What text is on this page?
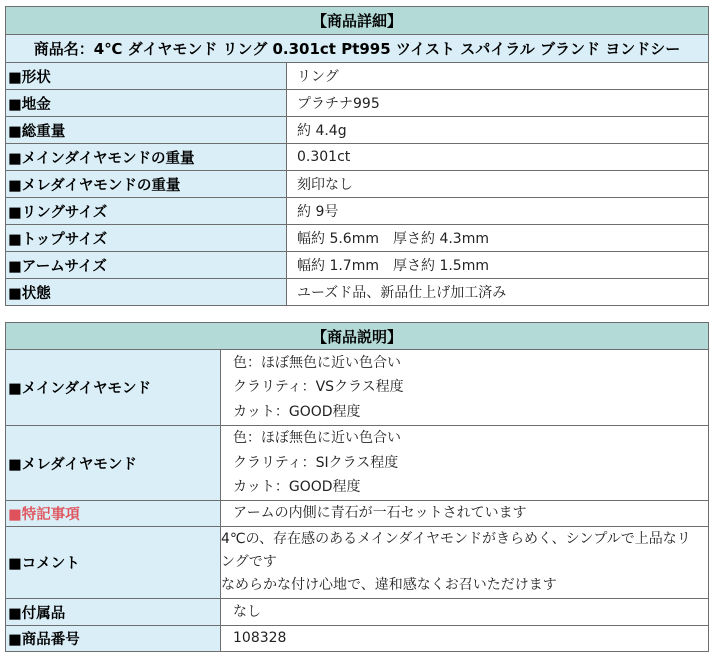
【商品詳細】	
商品名：4℃ ダイヤモンド リング 0.301ct Pt995 ツイスト スパイラル ブランド ヨンドシー	
■形状	リング
■地金	プラチナ995
■総重量	約 4.4g
■メインダイヤモンドの重量	0.301ct
■メレダイヤモンドの重量	刻印なし
■リングサイズ	約 9号
■トップサイズ	幅約 5.6mm　厚さ約 4.3mm
■アームサイズ	幅約 1.7mm　厚さ約 1.5mm
■状態	ユーズド品、新品仕上げ加工済み
【商品説明】	
■メインダイヤモンド	色：ほぼ無色に近い色合い
クラリティ：VSクラス程度
カット：GOOD程度

■メレダイヤモンド	色：ほぼ無色に近い色合い
クラリティ：SIクラス程度
カット：GOOD程度

■特記事項	アームの内側に青石が一石セットされています
■コメント	4℃の、存在感のあるメインダイヤモンドがきらめく、シンプルで上品なリングです
なめらかな付け心地で、違和感なくお召いただけます

■付属品	なし
■商品番号	108328
